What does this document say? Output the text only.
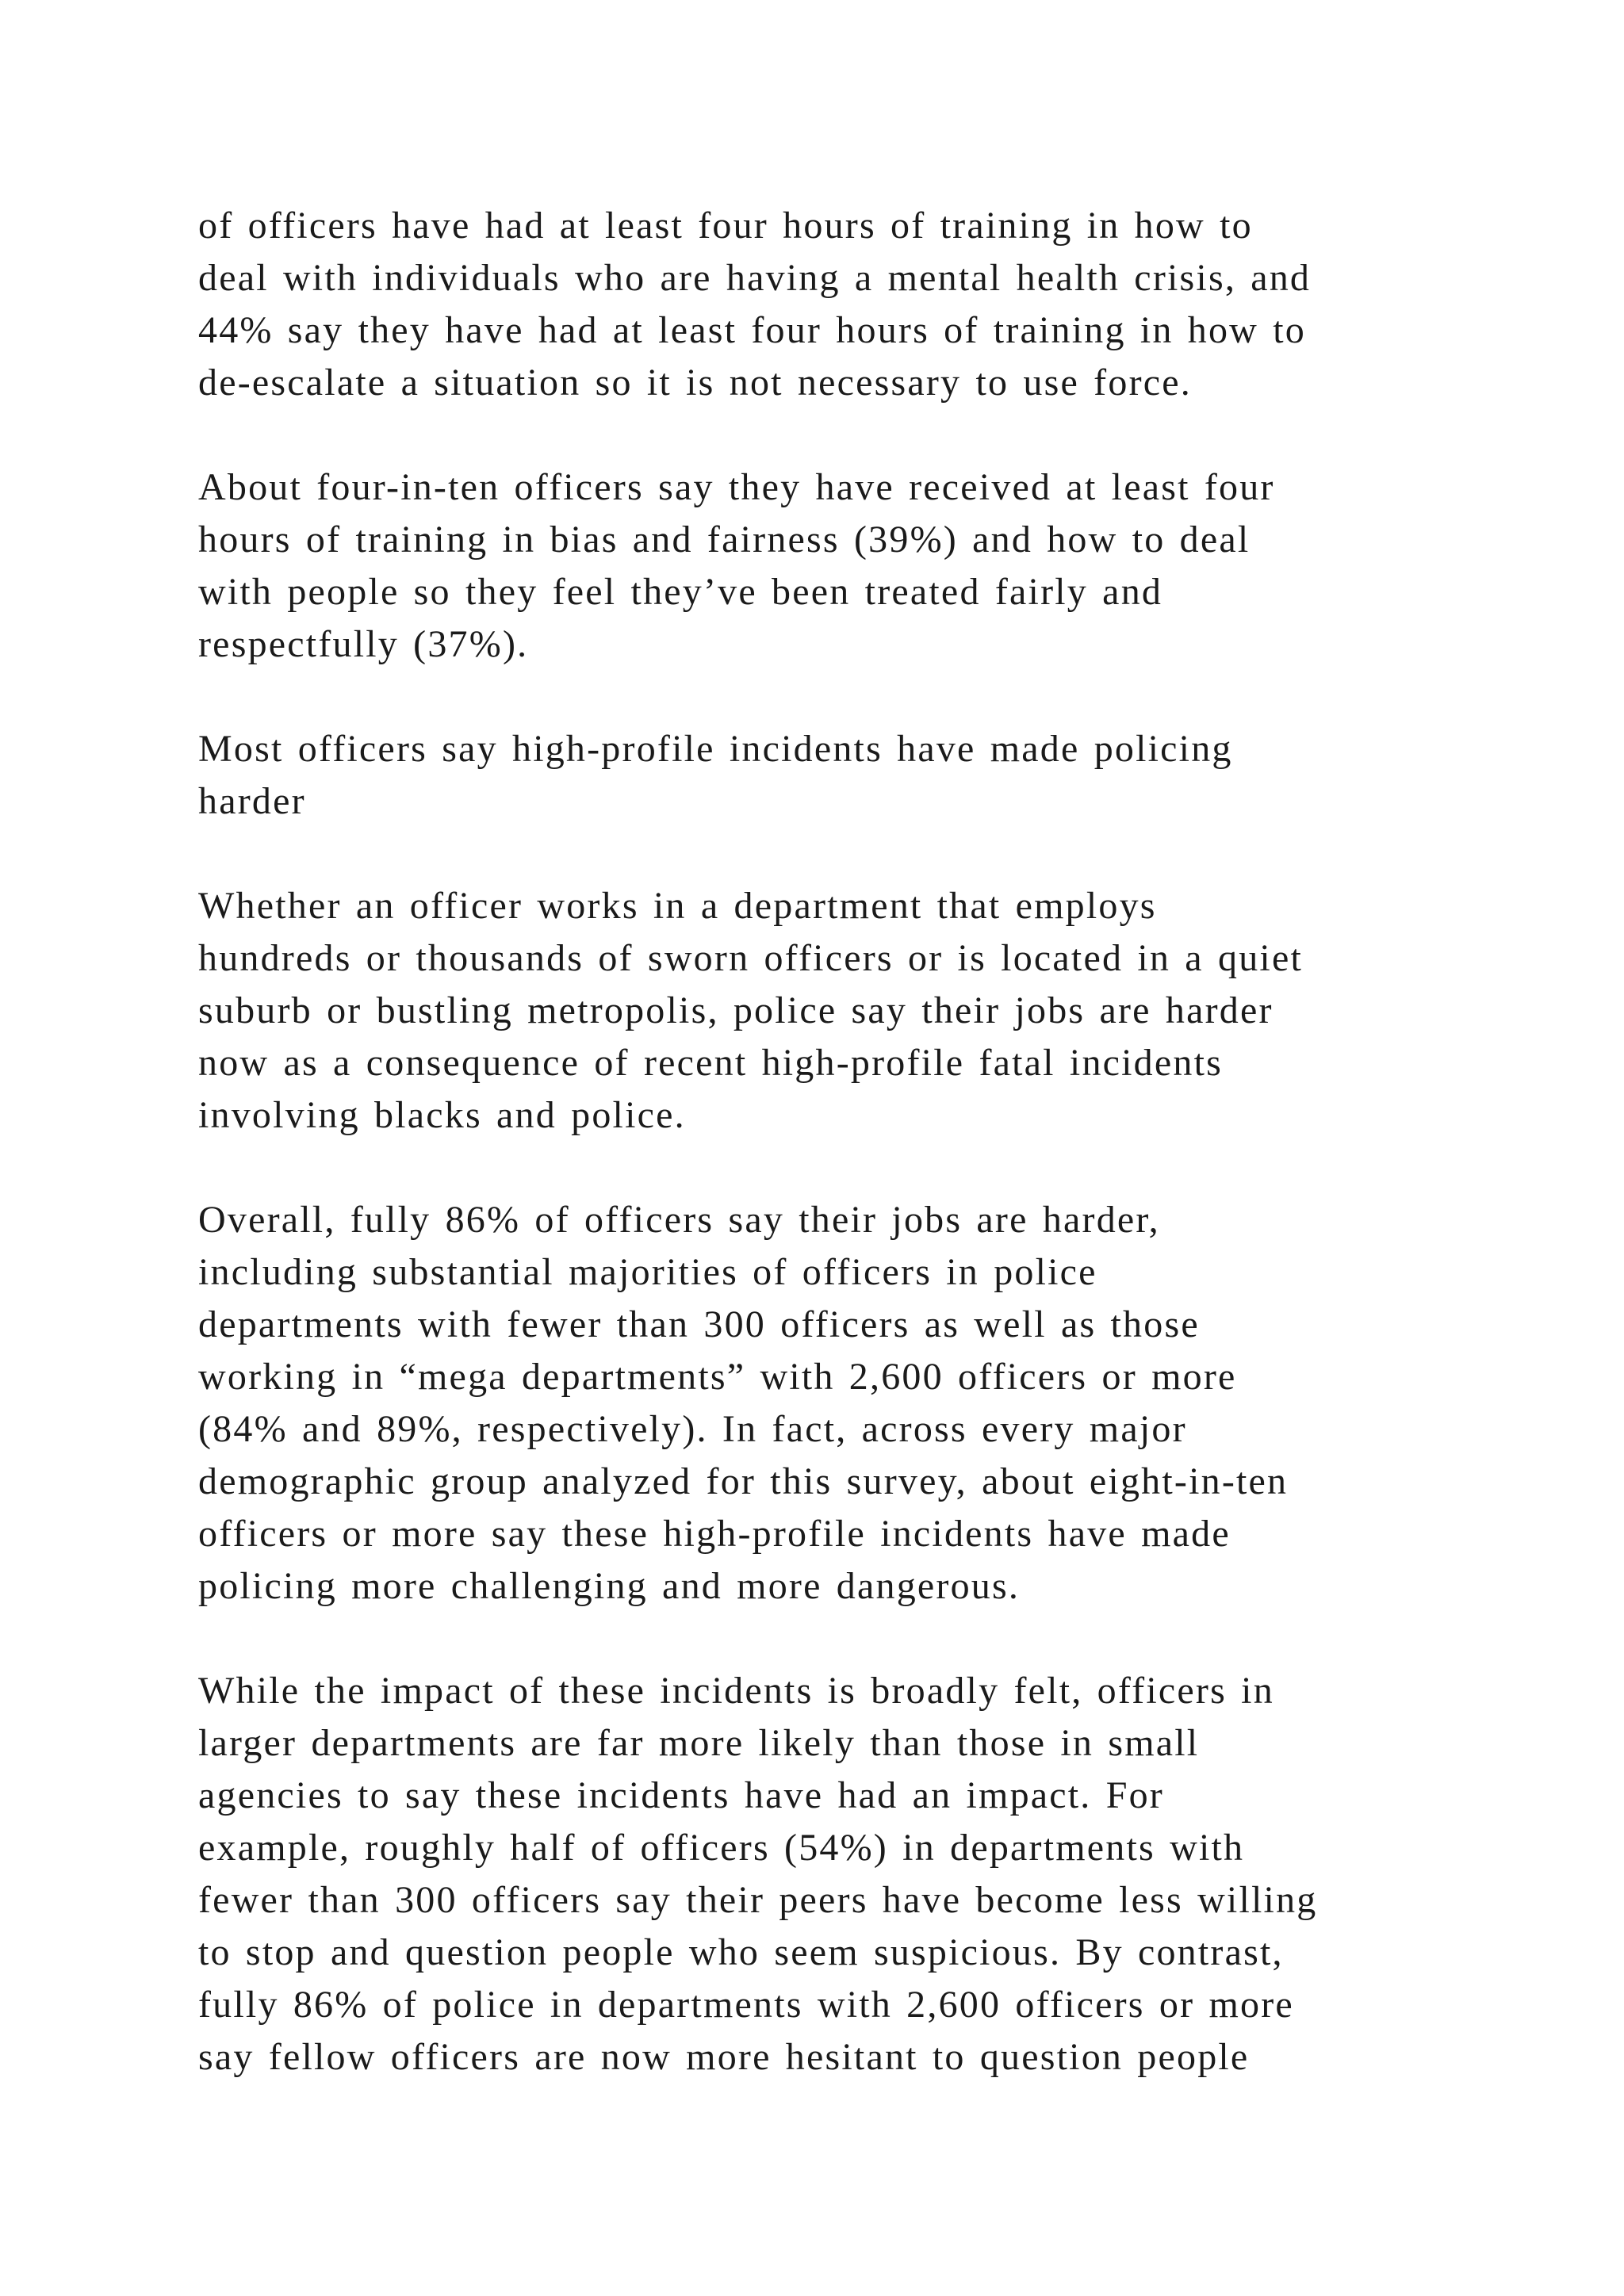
of officers have had at least four hours of training in how to
deal with individuals who are having a mental health crisis, and
44% say they have had at least four hours of training in how to
de-escalate a situation so it is not necessary to use force.
About four-in-ten officers say they have received at least four
hours of training in bias and fairness (39%) and how to deal
with people so they feel they’ve been treated fairly and
respectfully (37%).
Most officers say high-profile incidents have made policing
harder
Whether an officer works in a department that employs
hundreds or thousands of sworn officers or is located in a quiet
suburb or bustling metropolis, police say their jobs are harder
now as a consequence of recent high-profile fatal incidents
involving blacks and police.
Overall, fully 86% of officers say their jobs are harder,
including substantial majorities of officers in police
departments with fewer than 300 officers as well as those
working in “mega departments” with 2,600 officers or more
(84% and 89%, respectively). In fact, across every major
demographic group analyzed for this survey, about eight-in-ten
officers or more say these high-profile incidents have made
policing more challenging and more dangerous.
While the impact of these incidents is broadly felt, officers in
larger departments are far more likely than those in small
agencies to say these incidents have had an impact. For
example, roughly half of officers (54%) in departments with
fewer than 300 officers say their peers have become less willing
to stop and question people who seem suspicious. By contrast,
fully 86% of police in departments with 2,600 officers or more
say fellow officers are now more hesitant to question people
